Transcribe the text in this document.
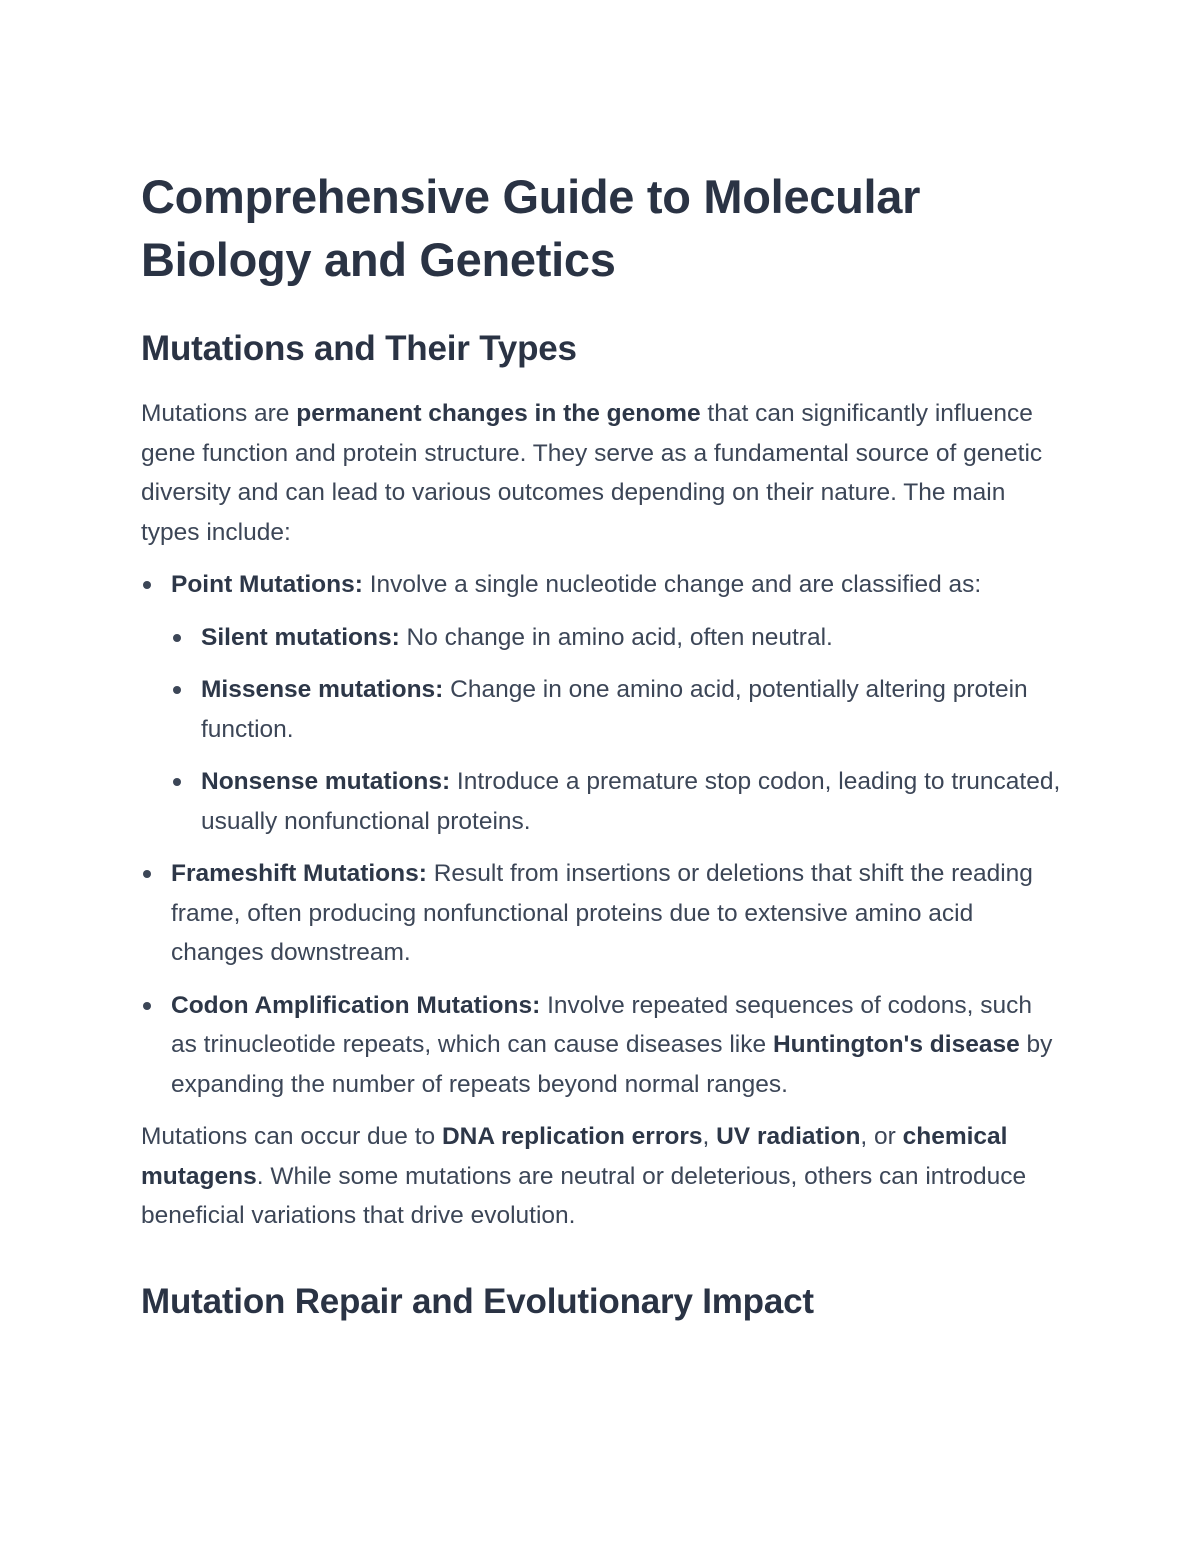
Comprehensive Guide to Molecular Biology and Genetics
Mutations and Their Types

Mutations are permanent changes in the genome that can significantly influence gene function and protein structure. They serve as a fundamental source of genetic diversity and can lead to various outcomes depending on their nature. The main types include:

Point Mutations: Involve a single nucleotide change and are classified as:
Silent mutations: No change in amino acid, often neutral.
Missense mutations: Change in one amino acid, potentially altering protein function.
Nonsense mutations: Introduce a premature stop codon, leading to truncated, usually nonfunctional proteins.
Frameshift Mutations: Result from insertions or deletions that shift the reading frame, often producing nonfunctional proteins due to extensive amino acid changes downstream.
Codon Amplification Mutations: Involve repeated sequences of codons, such as trinucleotide repeats, which can cause diseases like Huntington's disease by expanding the number of repeats beyond normal ranges.

Mutations can occur due to DNA replication errors, UV radiation, or chemical mutagens. While some mutations are neutral or deleterious, others can introduce beneficial variations that drive evolution.

Mutation Repair and Evolutionary Impact
